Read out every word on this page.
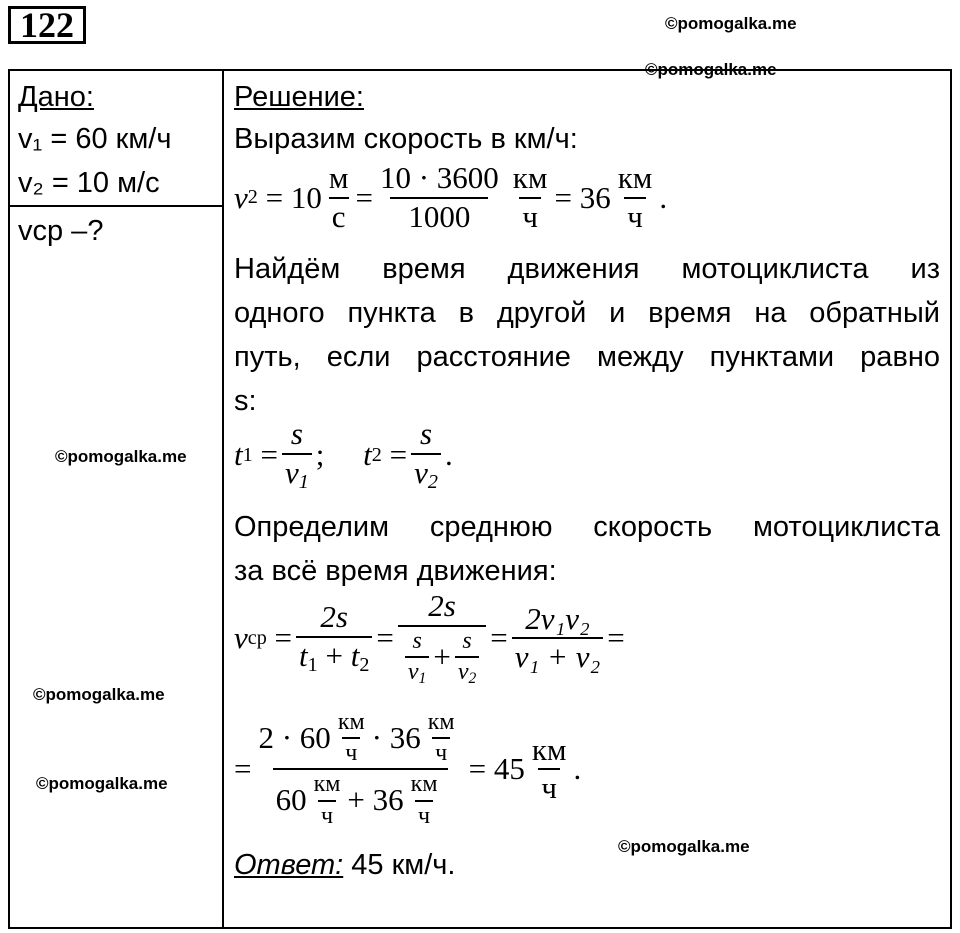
122	©pomogalka.me
©pomogalka.me
©pomogalka.me
©pomogalka.me
©pomogalka.me
©pomogalka.me
Дано:
v₁ = 60 км/ч
v₂ = 10 м/с
vср –?
Решение:
Выразим скорость в км/ч:
v $2 = 10 \frac{м}{с} = \frac{10 \cdot 3600}{1000} \frac{км}{ч} = 36 \frac{км}{ч}$ .
Найдём время движения мотоциклиста из
одного пункта в другой и время на обратный
путь, если расстояние между пунктами равно
s:
t $1 = \frac{s}{v_1}$ ; t $2 = \frac{s}{v_2}$ .
Определим среднюю скорость мотоциклиста
за всё время движения:
v ср = $\frac{2s}{t_1 + t_2} = \frac{2s}{\frac{s}{v_1} + \frac{s}{v_2}} = \frac{\text{2v₁v₂}}{\text{v₁ + v₂}}$ =
= $\frac{2 \cdot 60 \frac{км}{ч} \cdot 36 \frac{км}{ч}}{60 \frac{км}{ч} + 36 \frac{км}{ч}} = 45 \frac{км}{ч}$ .
Ответ: 45 км/ч.
